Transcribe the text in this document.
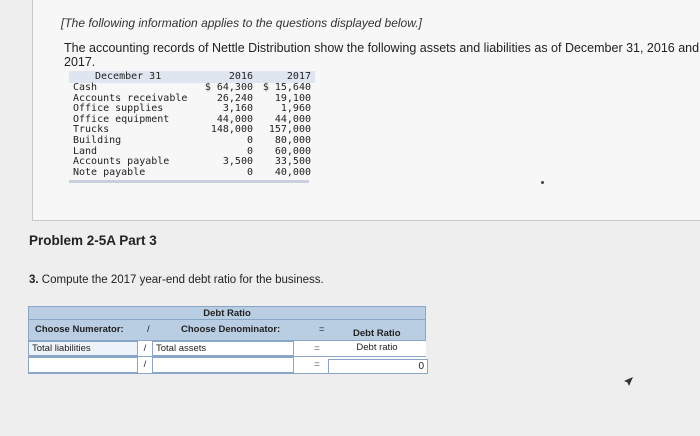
[The following information applies to the questions displayed below.]
The accounting records of Nettle Distribution show the following assets and liabilities as of December 31, 2016 and 2017.
December 31	2016	2017
Cash	$ 64,300 $ 15,640
Accounts receivable	26,240	19,100
Office supplies	3,160	1,960
Office equipment	44,000	44,000
Trucks	148,000	157,000
Building	0	80,000
Land	0	60,000
Accounts payable	3,500	33,500
Note payable	0	40,000
Problem 2-5A Part 3
3. Compute the 2017 year-end debt ratio for the business.
Debt Ratio
Choose Numerator: /	Choose Denominator:	=	Debt Ratio
Total liabilities	/	Total assets	=	Debt ratio
/	=	0
